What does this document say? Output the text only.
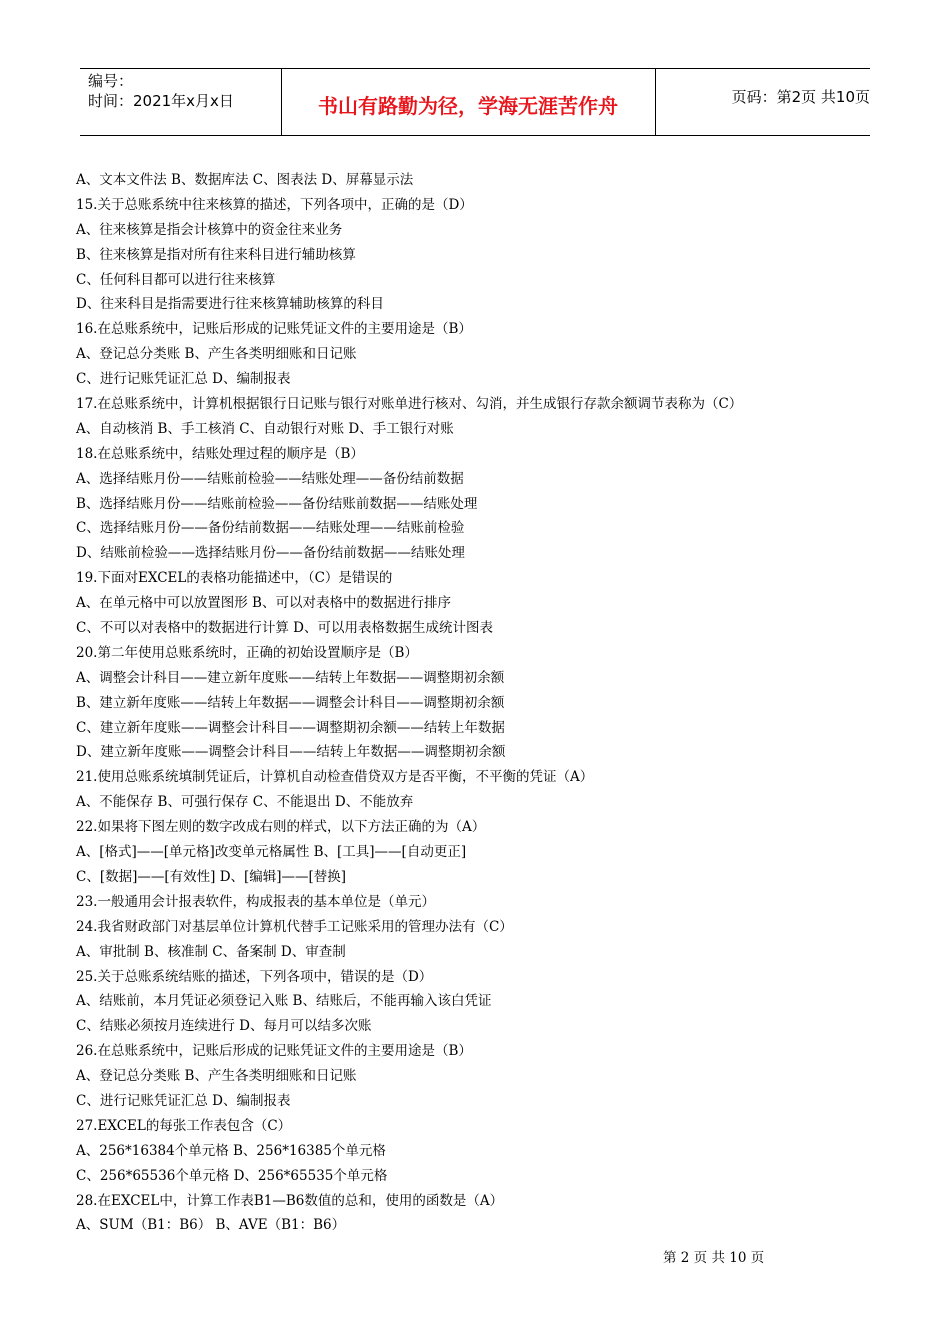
编号：
时间：2021年x月x日	书山有路勤为径，学海无涯苦作舟	页码：第2页 共10页
A、文本文件法 B、数据库法 C、图表法 D、屏幕显示法
15.关于总账系统中往来核算的描述，下列各项中，正确的是（D）
A、往来核算是指会计核算中的资金往来业务
B、往来核算是指对所有往来科目进行辅助核算
C、任何科目都可以进行往来核算
D、往来科目是指需要进行往来核算辅助核算的科目
16.在总账系统中，记账后形成的记账凭证文件的主要用途是（B）
A、登记总分类账 B、产生各类明细账和日记账
C、进行记账凭证汇总 D、编制报表
17.在总账系统中，计算机根据银行日记账与银行对账单进行核对、勾消，并生成银行存款余额调节表称为（C）
A、自动核消 B、手工核消 C、自动银行对账 D、手工银行对账
18.在总账系统中，结账处理过程的顺序是（B）
A、选择结账月份——结账前检验——结账处理——备份结前数据
B、选择结账月份——结账前检验——备份结账前数据——结账处理
C、选择结账月份——备份结前数据——结账处理——结账前检验
D、结账前检验——选择结账月份——备份结前数据——结账处理
19.下面对EXCEL的表格功能描述中，（C）是错误的
A、在单元格中可以放置图形 B、可以对表格中的数据进行排序
C、不可以对表格中的数据进行计算 D、可以用表格数据生成统计图表
20.第二年使用总账系统时，正确的初始设置顺序是（B）
A、调整会计科目——建立新年度账——结转上年数据——调整期初余额
B、建立新年度账——结转上年数据——调整会计科目——调整期初余额
C、建立新年度账——调整会计科目——调整期初余额——结转上年数据
D、建立新年度账——调整会计科目——结转上年数据——调整期初余额
21.使用总账系统填制凭证后，计算机自动检查借贷双方是否平衡，不平衡的凭证（A）
A、不能保存 B、可强行保存 C、不能退出 D、不能放弃
22.如果将下图左则的数字改成右则的样式，以下方法正确的为（A）
A、[格式]——[单元格]改变单元格属性 B、[工具]——[自动更正]
C、[数据]——[有效性] D、[编辑]——[替换]
23.一般通用会计报表软件，构成报表的基本单位是（单元）
24.我省财政部门对基层单位计算机代替手工记账采用的管理办法有（C）
A、审批制 B、核准制 C、备案制 D、审查制
25.关于总账系统结账的描述，下列各项中，错误的是（D）
A、结账前，本月凭证必须登记入账 B、结账后，不能再输入该白凭证
C、结账必须按月连续进行 D、每月可以结多次账
26.在总账系统中，记账后形成的记账凭证文件的主要用途是（B）
A、登记总分类账 B、产生各类明细账和日记账
C、进行记账凭证汇总 D、编制报表
27.EXCEL的每张工作表包含（C）
A、256*16384个单元格 B、256*16385个单元格
C、256*65536个单元格 D、256*65535个单元格
28.在EXCEL中，计算工作表B1—B6数值的总和，使用的函数是（A）
A、SUM（B1：B6） B、AVE（B1：B6）
第 2 页 共 10 页
